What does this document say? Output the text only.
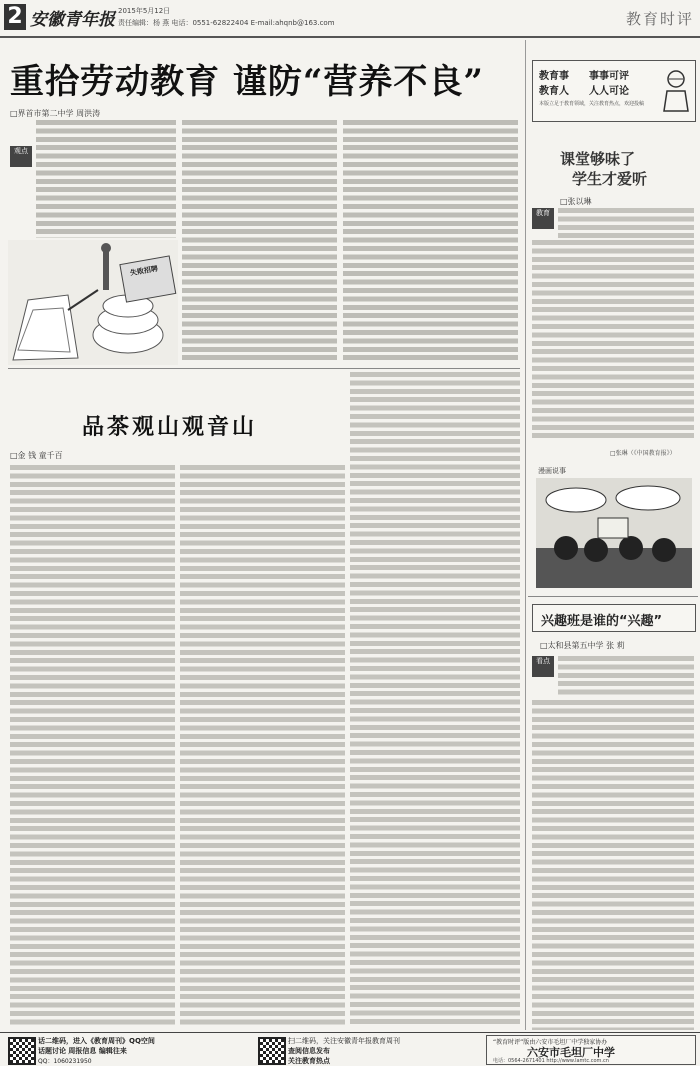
2 安徽青年报 2015年5月12日
责任编辑：杨 燕 电话：0551-62822404 E-mail:ahqnb@163.com	教育时评
重拾劳动教育 谨防“营养不良”
□界首市第二中学 周洪涛
观点
失败招聘
品茶观山观音山
□金 钱 童千百
教育事 事事可评
教育人 人人可论
本版立足于教育领域，关注教育热点，欢迎投稿
课堂够味了
学生才爱听
□张以琳
教育
□张琳（《中国教育报》）
漫画说事
兴趣班是谁的“兴趣”
□太和县第五中学 张 莉
看点
话二维码，进入《教育周刊》QQ空间
话题讨论 周报信息 编辑往来
QQ：1060231950
扫二维码，关注安徽青年报教育周刊
查阅信息发布
关注教育热点
“教育时评”版由六安市毛坦厂中学独家协办
六安市毛坦厂中学
电话：0564-2671401 http://www.lamtc.com.cn
